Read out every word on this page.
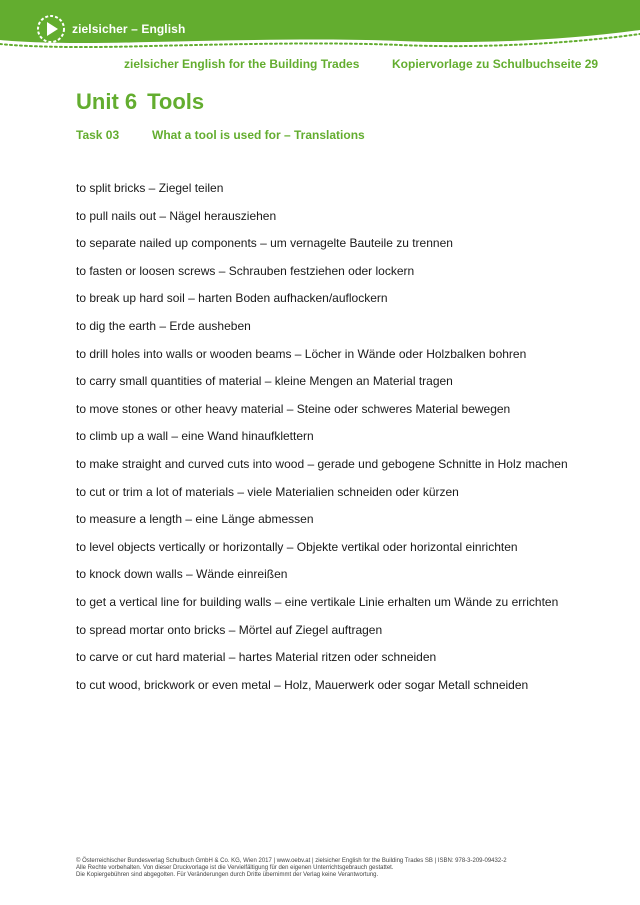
zielsicher – English
zielsicher English for the Building Trades	Kopiervorlage zu Schulbuchseite 29
Unit 6 Tools
Task 03	What a tool is used for – Translations
to split bricks – Ziegel teilen
to pull nails out – Nägel herausziehen
to separate nailed up components – um vernagelte Bauteile zu trennen
to fasten or loosen screws – Schrauben festziehen oder lockern
to break up hard soil – harten Boden aufhacken/auflockern
to dig the earth – Erde ausheben
to drill holes into walls or wooden beams – Löcher in Wände oder Holzbalken bohren
to carry small quantities of material – kleine Mengen an Material tragen
to move stones or other heavy material – Steine oder schweres Material bewegen
to climb up a wall – eine Wand hinaufklettern
to make straight and curved cuts into wood – gerade und gebogene Schnitte in Holz machen
to cut or trim a lot of materials – viele Materialien schneiden oder kürzen
to measure a length – eine Länge abmessen
to level objects vertically or horizontally – Objekte vertikal oder horizontal einrichten
to knock down walls – Wände einreißen
to get a vertical line for building walls – eine vertikale Linie erhalten um Wände zu errichten
to spread mortar onto bricks – Mörtel auf Ziegel auftragen
to carve or cut hard material – hartes Material ritzen oder schneiden
to cut wood, brickwork or even metal – Holz, Mauerwerk oder sogar Metall schneiden
© Österreichischer Bundesverlag Schulbuch GmbH & Co. KG, Wien 2017 | www.oebv.at | zielsicher English for the Building Trades SB | ISBN: 978-3-209-09432-2
Alle Rechte vorbehalten. Von dieser Druckvorlage ist die Vervielfältigung für den eigenen Unterrichtsgebrauch gestattet.
Die Kopiergebühren sind abgegolten. Für Veränderungen durch Dritte übernimmt der Verlag keine Verantwortung.
